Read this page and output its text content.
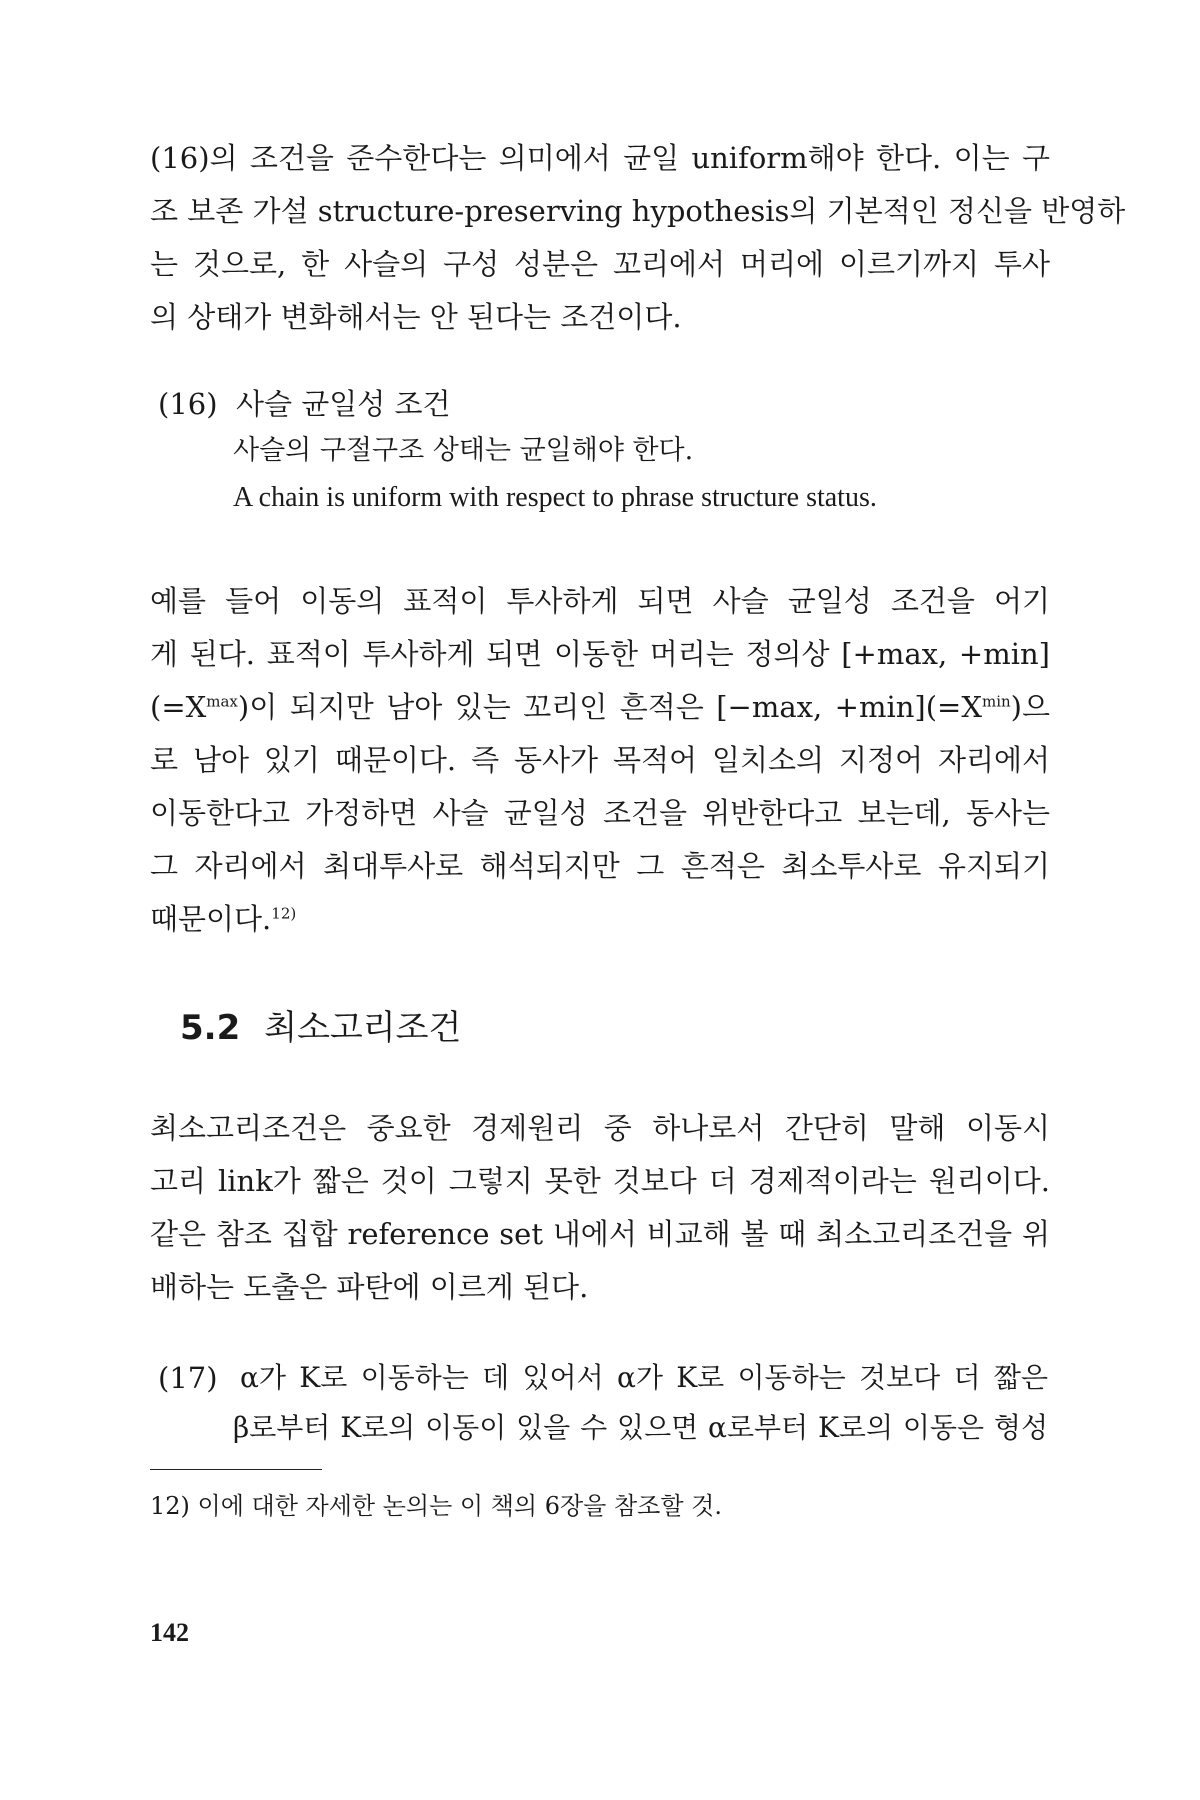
(16)의 조건을 준수한다는 의미에서 균일 uniform해야 한다. 이는 구
조 보존 가설 structure-preserving hypothesis의 기본적인 정신을 반영하
는 것으로, 한 사슬의 구성 성분은 꼬리에서 머리에 이르기까지 투사
의 상태가 변화해서는 안 된다는 조건이다.
(16) 사슬 균일성 조건
사슬의 구절구조 상태는 균일해야 한다.
A chain is uniform with respect to phrase structure status.
예를 들어 이동의 표적이 투사하게 되면 사슬 균일성 조건을 어기
게 된다. 표적이 투사하게 되면 이동한 머리는 정의상 [+max, +min]
$(=X^{max})$이 되지만 남아 있는 꼬리인 흔적은 [−max, $+\min](=X^{min})$으
로 남아 있기 때문이다. 즉 동사가 목적어 일치소의 지정어 자리에서
이동한다고 가정하면 사슬 균일성 조건을 위반한다고 보는데, 동사는
그 자리에서 최대투사로 해석되지만 그 흔적은 최소투사로 유지되기
때문이다.$^{12)}$
5.2 최소고리조건
최소고리조건은 중요한 경제원리 중 하나로서 간단히 말해 이동시
고리 link가 짧은 것이 그렇지 못한 것보다 더 경제적이라는 원리이다.
같은 참조 집합 reference set 내에서 비교해 볼 때 최소고리조건을 위
배하는 도출은 파탄에 이르게 된다.
(17) α가 K로 이동하는 데 있어서 α가 K로 이동하는 것보다 더 짧은
β로부터 K로의 이동이 있을 수 있으면 α로부터 K로의 이동은 형성
12) 이에 대한 자세한 논의는 이 책의 6장을 참조할 것.
142
